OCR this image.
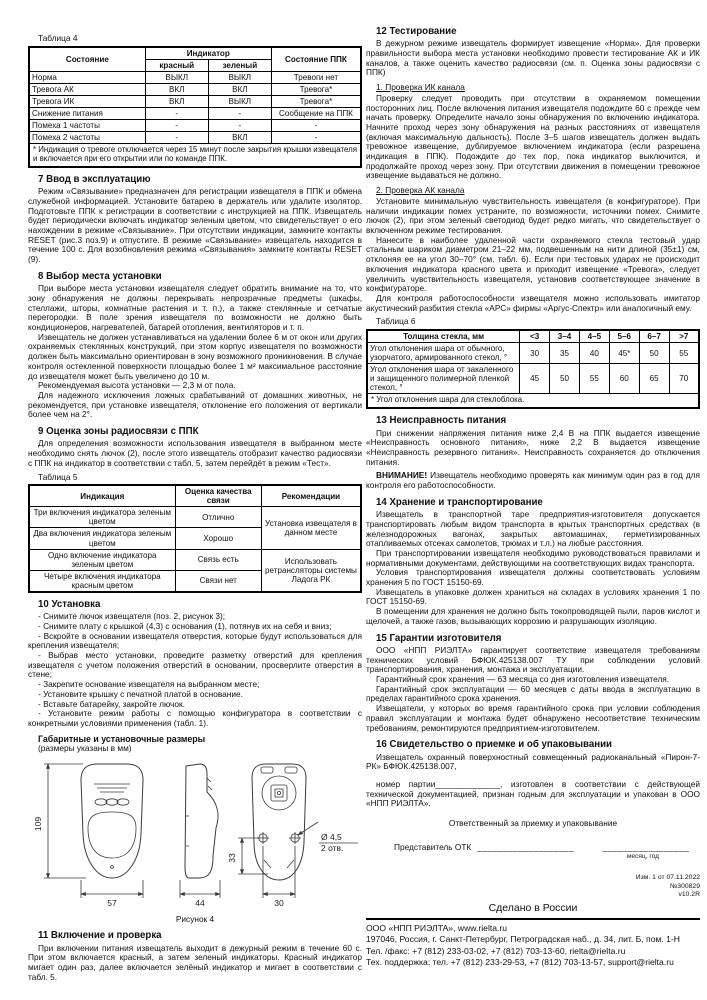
Таблица 4

Состояние	Индикатор		Состояние ППК
	красный	зеленый	
Норма	ВЫКЛ	ВЫКЛ	Тревоги нет
Тревога АК	ВКЛ	ВКЛ	Тревога*
Тревога ИК	ВКЛ	ВЫКЛ	Тревога*
Снижение питания	-	-	Сообщение на ППК
Помеха 1 частоты	-	-	-
Помеха 2 частоты	-	ВКЛ	-
* Индикация о тревоге отключается через 15 минут после закрытия крышки извещателя и включается при его открытии или по команде ППК.			

7 Ввод в эксплуатацию

Режим «Связывание» предназначен для регистрации извещателя в ППК и обмена служебной информацией. Установите батарею в держатель или удалите изолятор. Подготовьте ППК к регистрации в соответствии с инструкцией на ППК. Извещатель будет периодически включать индикатор зеленым цветом, что свидетельствует о его нахождении в режиме «Связывание». При отсутствии индикации, замкните контакты RESET (рис.3 поз.9) и отпустите. В режиме «Связывание» извещатель находится в течение 100 с. Для возобновления режима «Связывания» замкните контакты RESET (9).

8 Выбор места установки

При выборе места установки извещателя следует обратить внимание на то, что зону обнаружения не должны перекрывать непрозрачные предметы (шкафы, стеллажи, шторы, комнатные растения и т. п.), а также стеклянные и сетчатые перегородки. В поле зрения извещателя по возможности не должно быть кондиционеров, нагревателей, батарей отопления, вентиляторов и т. п.

Извещатель не должен устанавливаться на удалении более 6 м от окон или других охраняемых стеклянных конструкций, при этом корпус извещателя по возможности должен быть максимально ориентирован в зону возможного проникновения. В случае контроля остекленной поверхности площадью более 1 м² максимальное расстояние до извещателя может быть увеличено до 10 м.

Рекомендуемая высота установки — 2,3 м от пола.

Для надежного исключения ложных срабатываний от домашних животных, не рекомендуется, при установке извещателя, отклонение его положения от вертикали более чем на 2°.

9 Оценка зоны радиосвязи с ППК

Для определения возможности использования извещателя в выбранном месте необходимо снять лючок (2), после этого извещатель отобразит качество радиосвязи с ППК на индикатор в соответствии с табл. 5, затем перейдёт в режим «Тест».

Таблица 5

Индикация	Оценка качества связи	Рекомендации
Три включения индикатора зеленым цветом	Отлично	Установка извещателя в данном месте
Два включения индикатора зеленым цветом	Хорошо	
Одно включение индикатора зеленым цветом	Связь есть	Использовать ретрансляторы системы Ладога РК
Четыре включения индикатора красным цветом	Связи нет	

10 Установка

- Снимите лючок извещателя (поз. 2, рисунок 3);

- Снимите плату с крышкой (4,3) с основания (1), потянув их на себя и вниз;

- Вскройте в основании извещателя отверстия, которые будут использоваться для крепления извещателя;

- Выбрав место установки, проведите разметку отверстий для крепления извещателя с учетом положения отверстий в основании, просверлите отверстия в стене;

- Закрепите основание извещателя на выбранном месте;

- Установите крышку с печатной платой в основание.

- Вставьте батарейку, закройте лючок.

- Установите режим работы с помощью конфигуратора в соответствии с конкретными условиями применения (табл. 1).

Габаритные и установочные размеры

(размеры указаны в мм)

109
57	44
33
30
Ø 4,5
2 отв.

Рисунок 4

11 Включение и проверка

При включении питания извещатель выходит в дежурный режим в течение 60 с. При этом включается красный, а затем зеленый индикаторы. Красный индикатор мигает один раз, далее включается зелёный индикатор и мигает в соответствии с табл. 5.

12 Тестирование

В дежурном режиме извещатель формирует извещение «Норма». Для проверки правильности выбора места установки необходимо провести тестирование АК и ИК каналов, а также оценить качество радиосвязи (см. п. Оценка зоны радиосвязи с ППК)

1. Проверка ИК канала

Проверку следует проводить при отсутствии в охраняемом помещении посторонних лиц. После включения питания извещателя подождите 60 с прежде чем начать проверку. Определите начало зоны обнаружения по включению индикатора. Начните проход через зону обнаружения на разных расстояниях от извещателя (включая максимальную дальность). После 3–5 шагов извещатель должен выдать тревожное извещение, дублируемое включением индикатора (если разрешена индикация в ППК). Подождите до тех пор, пока индикатор выключится, и продолжайте проход через зону. При отсутствии движения в помещении тревожное извещение выдаваться не должно.

2. Проверка АК канала

Установите минимальную чувствительность извещателя (в конфигураторе). При наличии индикации помех устраните, по возможности, источники помех. Снимите лючок (2), при этом зеленый светодиод будет редко мигать, что свидетельствует о включенном режиме тестирования.

Нанесите в наиболее удаленной части охраняемого стекла тестовый удар стальным шариком диаметром 21–22 мм, подвешенным на нити длиной (35±1) см, отклоняя ее на угол 30–70° (см. табл. 6). Если при тестовых ударах не происходит включения индикатора красного цвета и приходит извещение «Тревога», следует увеличить чувствительность извещателя, установив соответствующее значение в конфигураторе.

Для контроля работоспособности извещателя можно использовать имитатор акустический разбития стекла «АРС» фирмы «Аргус-Спектр» или аналогичный ему.

Таблица 6

Толщина стекла, мм	<3	3–4	4–5	5–6	6–7	>7
Угол отклонения шара от обычного, узорчатого, армированного стекол, °	30	35	40	45*	50	55
Угол отклонения шара от закаленного и защищенного полимерной пленкой стекол, °	45	50	55	60	65	70
* Угол отклонения шара для стеклоблока.						

13 Неисправность питания

При снижении напряжения питания ниже 2,4 В на ППК выдается извещение «Неисправность основного питания», ниже 2,2 В выдается извещение «Неисправность резервного питания». Неисправность сохраняется до отключения питания.

ВНИМАНИЕ! Извещатель необходимо проверять как минимум один раз в год для контроля его работоспособности.

14 Хранение и транспортирование

Извещатель в транспортной таре предприятия-изготовителя допускается транспортировать любым видом транспорта в крытых транспортных средствах (в железнодорожных вагонах, закрытых автомашинах, герметизированных отапливаемых отсеках самолетов, трюмах и т.л.) на любые расстояния.

При транспортировании извещателя необходимо руководствоваться правилами и нормативными документами, действующими на соответствующих видах транспорта.

Условия транспортирования извещателя должны соответствовать условиям хранения 5 по ГОСТ 15150-69.

Извещатель в упаковке должен храниться на складах в условиях хранения 1 по ГОСТ 15150-69.

В помещении для хранения не должно быть токопроводящей пыли, паров кислот и щелочей, а также газов, вызывающих коррозию и разрушающих изоляцию.

15 Гарантии изготовителя

ООО «НПП РИЭЛТА» гарантирует соответствие извещателя требованиям технических условий БФЮК.425138.007 ТУ при соблюдении условий транспортирования, хранения, монтажа и эксплуатации.

Гарантийный срок хранения — 63 месяца со дня изготовления извещателя.

Гарантийный срок эксплуатации — 60 месяцев с даты ввода в эксплуатацию в пределах гарантийного срока хранения.

Извещатели, у которых во время гарантийного срока при условии соблюдения правил эксплуатации и монтажа будет обнаружено несоответствие техническим требованиям, ремонтируются предприятием-изготовителем.

16 Свидетельство о приемке и об упаковывании

Извещатель охранный поверхностный совмещенный радиоканальный «Пирон-7-РК» БФЮК.425138.007,

номер партии______________, изготовлен в соответствии с действующей технической документацией, признан годным для эксплуатации и упакован в ООО «НПП РИЭЛТА».

Ответственный за приемку и упаковывание

Представитель ОТК ___________________	_________________
месяц, год

Изм. 1 от 07.11.2022
№300829
v10.2R

Сделано в России

ООО «НПП РИЭЛТА», www.rielta.ru

197046, Россия, г. Санкт-Петербург, Петроградская наб., д. 34, лит. Б, пом. 1-Н

Тел. /факс: +7 (812) 233-03-02, +7 (812) 703-13-60, rielta@rielta.ru

Тех. поддержка: тел. +7 (812) 233-29-53, +7 (812) 703-13-57, support@rielta.ru
